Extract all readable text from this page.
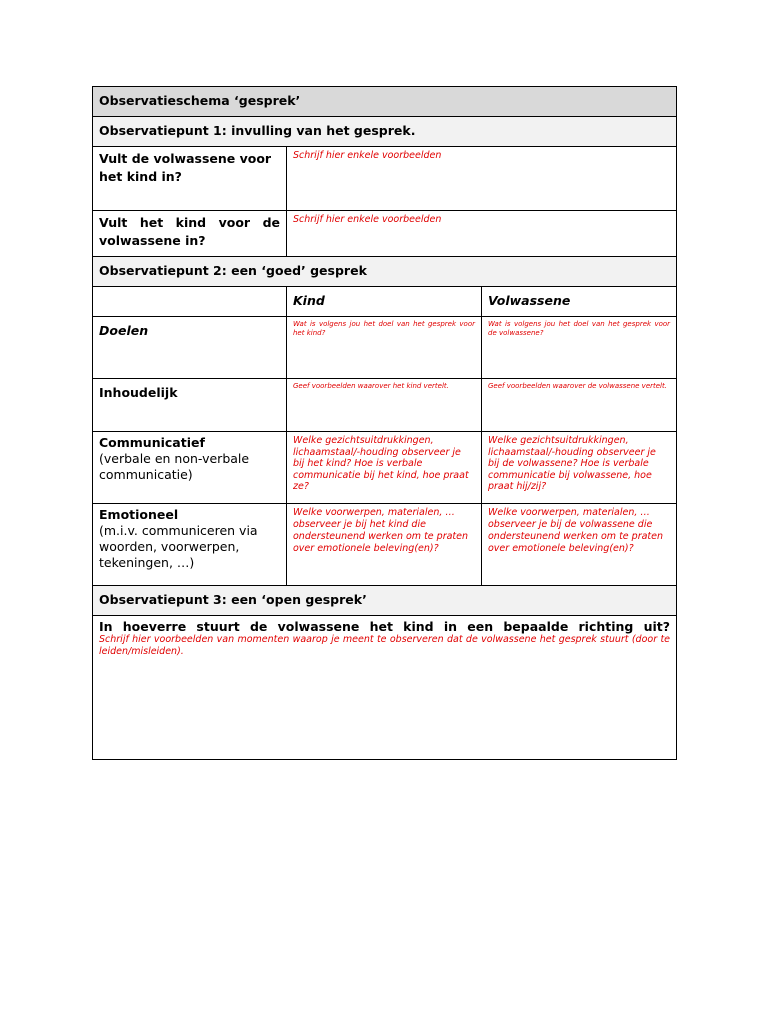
Observatieschema ‘gesprek’		
Observatiepunt 1: invulling van het gesprek.		

Vult de volwassene voor het kind in?	Schrijf hier enkele voorbeelden	

Vult het kind voor de
volwassene in?	Schrijf hier enkele voorbeelden	

Observatiepunt 2: een ‘goed’ gesprek		
	Kind	Volwassene
Doelen	Wat is volgens jou het doel van het gesprek voor het kind?	Wat is volgens jou het doel van het gesprek voor de volwassene?

Inhoudelijk	Geef voorbeelden waarover het kind vertelt.	Geef voorbeelden waarover de volwassene vertelt.

Communicatief
(verbale en non-verbale communicatie)	Welke gezichtsuitdrukkingen, lichaamstaal/-houding observeer je bij het kind? Hoe is verbale communicatie bij het kind, hoe praat ze?	Welke gezichtsuitdrukkingen, lichaamstaal/-houding observeer je bij de volwassene? Hoe is verbale communicatie bij volwassene, hoe praat hij/zij?

Emotioneel
(m.i.v. communiceren via woorden, voorwerpen, tekeningen, …)	Welke voorwerpen, materialen, … observeer je bij het kind die ondersteunend werken om te praten over emotionele beleving(en)?	Welke voorwerpen, materialen, … observeer je bij de volwassene die ondersteunend werken om te praten over emotionele beleving(en)?

Observatiepunt 3: een ‘open gesprek’		

In hoeverre stuurt de volwassene het kind in een bepaalde richting uit?
Schrijf hier voorbeelden van momenten waarop je meent te observeren dat de volwassene het gesprek stuurt (door te leiden/misleiden).		
